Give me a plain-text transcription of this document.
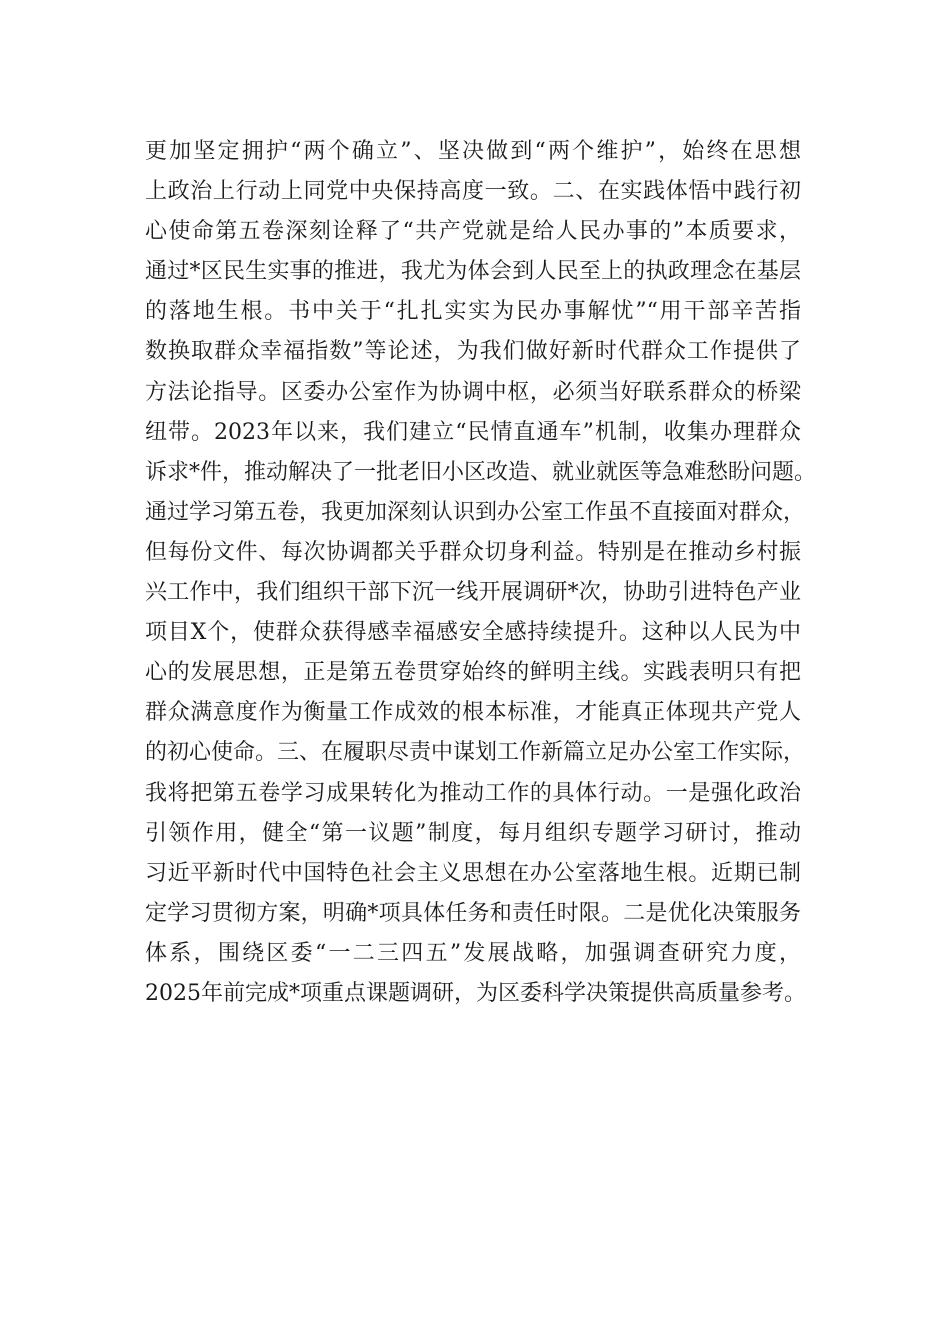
更加坚定拥护“两个确立”、坚决做到“两个维护”，始终在思想
上政治上行动上同党中央保持高度一致。二、在实践体悟中践行初
心使命第五卷深刻诠释了“共产党就是给人民办事的”本质要求，
通过*区民生实事的推进，我尤为体会到人民至上的执政理念在基层
的落地生根。书中关于“扎扎实实为民办事解忧”“用干部辛苦指
数换取群众幸福指数”等论述，为我们做好新时代群众工作提供了
方法论指导。区委办公室作为协调中枢，必须当好联系群众的桥梁
纽带。2023年以来，我们建立“民情直通车”机制，收集办理群众
诉求*件，推动解决了一批老旧小区改造、就业就医等急难愁盼问题。
通过学习第五卷，我更加深刻认识到办公室工作虽不直接面对群众，
但每份文件、每次协调都关乎群众切身利益。特别是在推动乡村振
兴工作中，我们组织干部下沉一线开展调研*次，协助引进特色产业
项目X个，使群众获得感幸福感安全感持续提升。这种以人民为中
心的发展思想，正是第五卷贯穿始终的鲜明主线。实践表明只有把
群众满意度作为衡量工作成效的根本标准，才能真正体现共产党人
的初心使命。三、在履职尽责中谋划工作新篇立足办公室工作实际，
我将把第五卷学习成果转化为推动工作的具体行动。一是强化政治
引领作用，健全“第一议题”制度，每月组织专题学习研讨，推动
习近平新时代中国特色社会主义思想在办公室落地生根。近期已制
定学习贯彻方案，明确*项具体任务和责任时限。二是优化决策服务
体系，围绕区委“一二三四五”发展战略，加强调查研究力度，
2025年前完成*项重点课题调研，为区委科学决策提供高质量参考。
